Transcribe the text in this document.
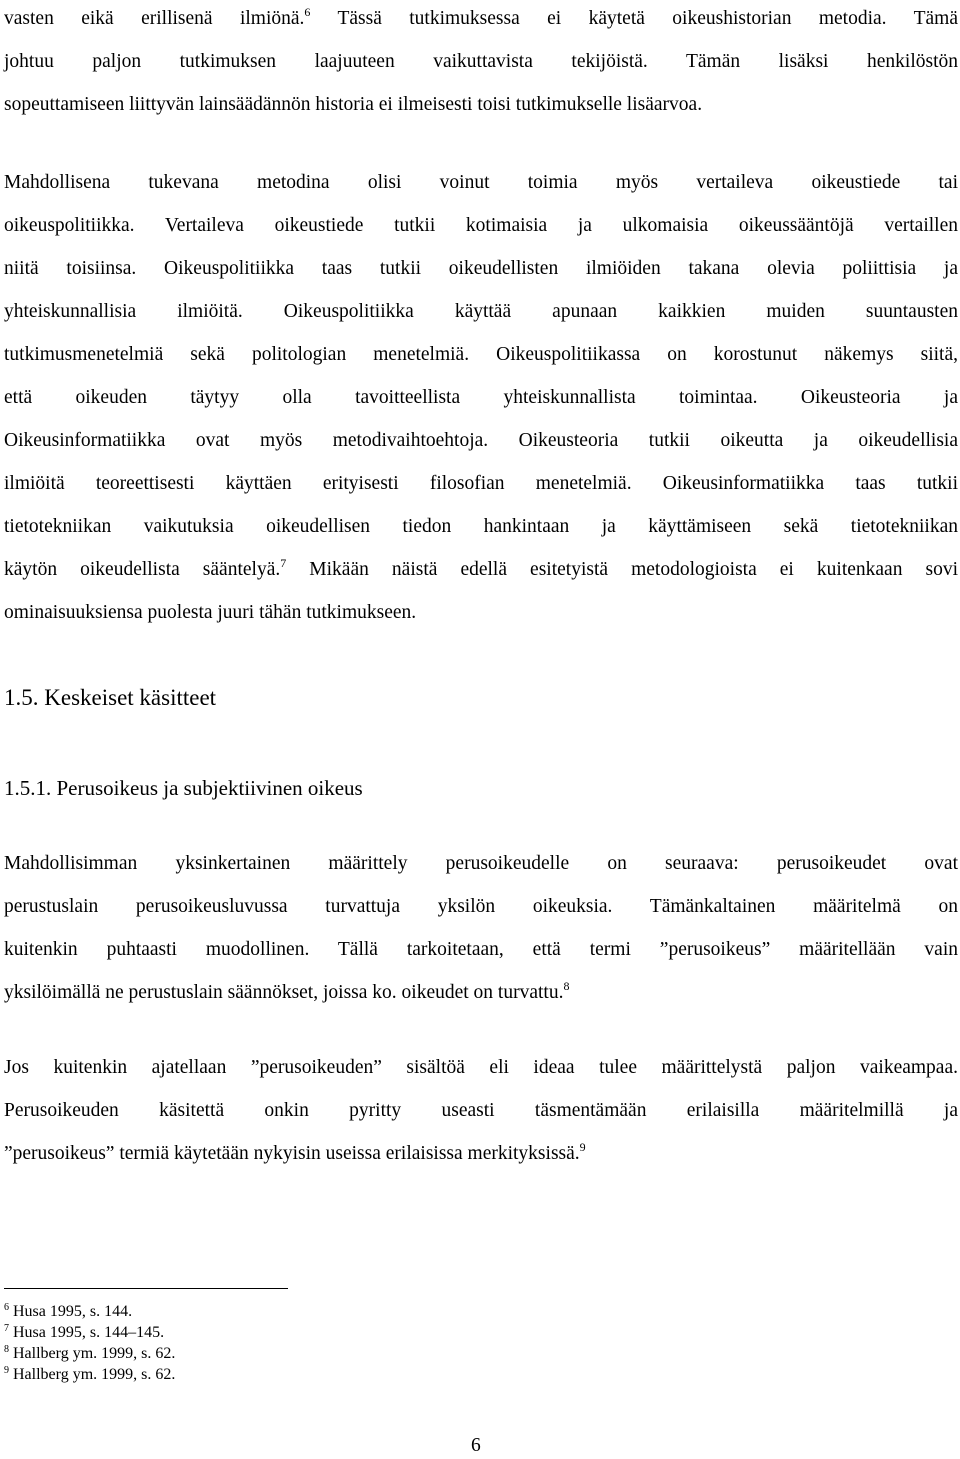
vasten eikä erillisenä ilmiönä.$^6$ Tässä tutkimuksessa ei käytetä oikeushistorian metodia. Tämä
johtuu paljon tutkimuksen laajuuteen vaikuttavista tekijöistä. Tämän lisäksi henkilöstön
sopeuttamiseen liittyvän lainsäädännön historia ei ilmeisesti toisi tutkimukselle lisäarvoa.
Mahdollisena tukevana metodina olisi voinut toimia myös vertaileva oikeustiede tai
oikeuspolitiikka. Vertaileva oikeustiede tutkii kotimaisia ja ulkomaisia oikeussääntöjä vertaillen
niitä toisiinsa. Oikeuspolitiikka taas tutkii oikeudellisten ilmiöiden takana olevia poliittisia ja
yhteiskunnallisia ilmiöitä. Oikeuspolitiikka käyttää apunaan kaikkien muiden suuntausten
tutkimusmenetelmiä sekä politologian menetelmiä. Oikeuspolitiikassa on korostunut näkemys siitä,
että oikeuden täytyy olla tavoitteellista yhteiskunnallista toimintaa. Oikeusteoria ja
Oikeusinformatiikka ovat myös metodivaihtoehtoja. Oikeusteoria tutkii oikeutta ja oikeudellisia
ilmiöitä teoreettisesti käyttäen erityisesti filosofian menetelmiä. Oikeusinformatiikka taas tutkii
tietotekniikan vaikutuksia oikeudellisen tiedon hankintaan ja käyttämiseen sekä tietotekniikan
käytön oikeudellista sääntelyä.$^7$ Mikään näistä edellä esitetyistä metodologioista ei kuitenkaan sovi
ominaisuuksiensa puolesta juuri tähän tutkimukseen.
1.5. Keskeiset käsitteet
1.5.1. Perusoikeus ja subjektiivinen oikeus
Mahdollisimman yksinkertainen määrittely perusoikeudelle on seuraava: perusoikeudet ovat
perustuslain perusoikeusluvussa turvattuja yksilön oikeuksia. Tämänkaltainen määritelmä on
kuitenkin puhtaasti muodollinen. Tällä tarkoitetaan, että termi ”perusoikeus” määritellään vain
yksilöimällä ne perustuslain säännökset, joissa ko. oikeudet on turvattu.$^8$
Jos kuitenkin ajatellaan ”perusoikeuden” sisältöä eli ideaa tulee määrittelystä paljon vaikeampaa.
Perusoikeuden käsitettä onkin pyritty useasti täsmentämään erilaisilla määritelmillä ja
”perusoikeus” termiä käytetään nykyisin useissa erilaisissa merkityksissä.$^9$
$^6$ Husa 1995, s. 144.
$^7$ Husa 1995, s. 144–145.
$^8$ Hallberg ym. 1999, s. 62.
$^9$ Hallberg ym. 1999, s. 62.
6
